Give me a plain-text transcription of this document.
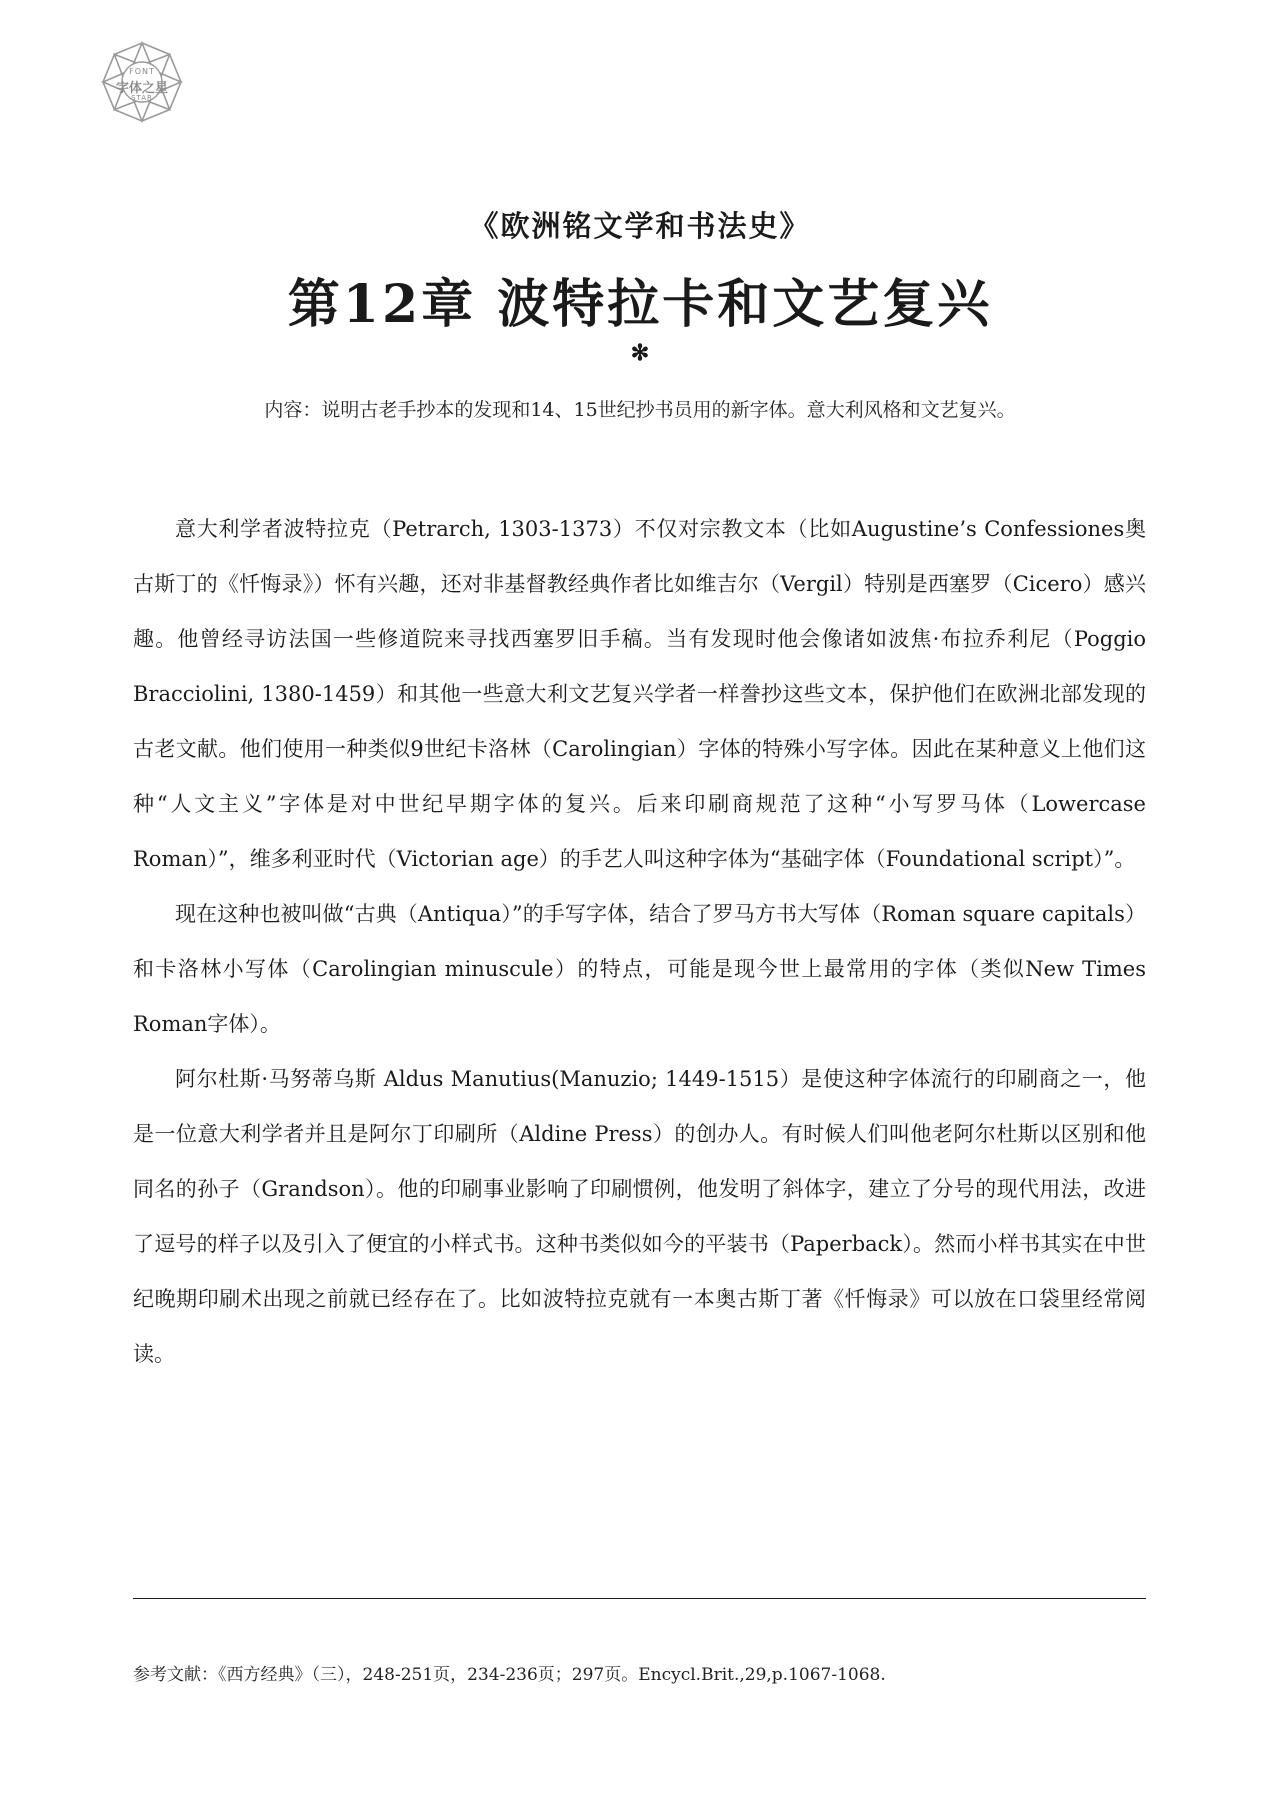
FONT
字体之星
STAR
《欧洲铭文学和书法史》
第12章 波特拉卡和文艺复兴
✻
内容：说明古老手抄本的发现和14、15世纪抄书员用的新字体。意大利风格和文艺复兴。

意大利学者波特拉克（Petrarch, 1303-1373）不仅对宗教文本（比如Augustine’s Confessiones奥古斯丁的《忏悔录》）怀有兴趣，还对非基督教经典作者比如维吉尔（Vergil）特别是西塞罗（Cicero）感兴趣。他曾经寻访法国一些修道院来寻找西塞罗旧手稿。当有发现时他会像诸如波焦·布拉乔利尼（Poggio Bracciolini, 1380-1459）和其他一些意大利文艺复兴学者一样誊抄这些文本，保护他们在欧洲北部发现的古老文献。他们使用一种类似9世纪卡洛林（Carolingian）字体的特殊小写字体。因此在某种意义上他们这种“人文主义”字体是对中世纪早期字体的复兴。后来印刷商规范了这种“小写罗马体（Lowercase Roman）”，维多利亚时代（Victorian age）的手艺人叫这种字体为“基础字体（Foundational script）”。

现在这种也被叫做“古典（Antiqua）”的手写字体，结合了罗马方书大写体（Roman square capitals）和卡洛林小写体（Carolingian minuscule）的特点，可能是现今世上最常用的字体（类似New Times Roman字体）。

阿尔杜斯·马努蒂乌斯 Aldus Manutius(Manuzio; 1449-1515）是使这种字体流行的印刷商之一，他是一位意大利学者并且是阿尔丁印刷所（Aldine Press）的创办人。有时候人们叫他老阿尔杜斯以区别和他同名的孙子（Grandson）。他的印刷事业影响了印刷惯例，他发明了斜体字，建立了分号的现代用法，改进了逗号的样子以及引入了便宜的小样式书。这种书类似如今的平装书（Paperback）。然而小样书其实在中世纪晚期印刷术出现之前就已经存在了。比如波特拉克就有一本奥古斯丁著《忏悔录》可以放在口袋里经常阅读。

参考文献：《西方经典》（三），248-251页，234-236页；297页。Encycl.Brit.,29,p.1067-1068.
